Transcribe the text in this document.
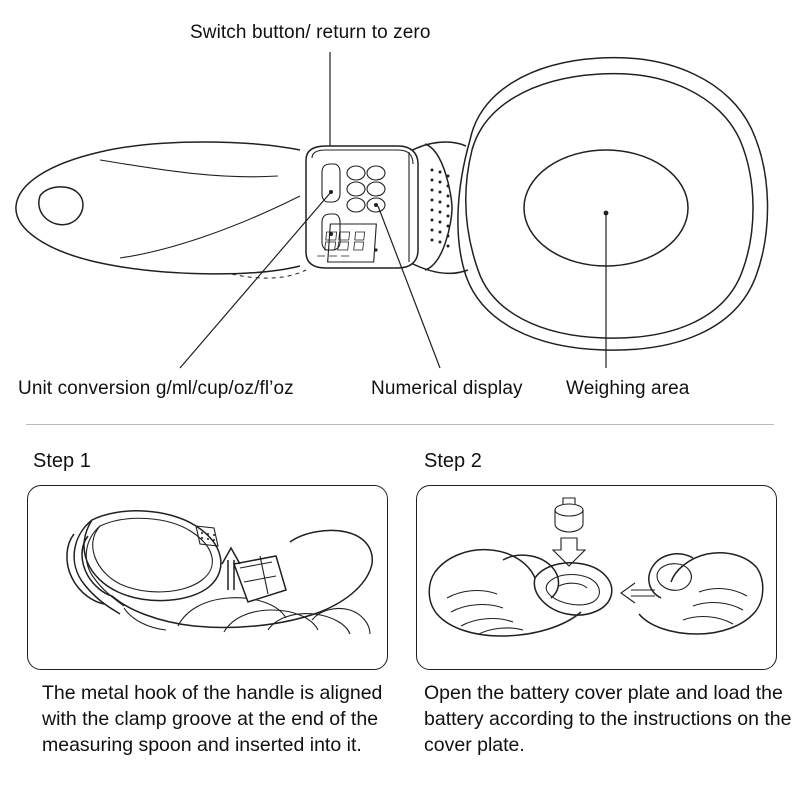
Switch button/ return to zero
Unit conversion g/ml/cup/oz/fl’oz	Numerical display Weighing area
Step 1
The metal hook of the handle is aligned with the clamp groove at the end of the measuring spoon and inserted into it.
Step 2
Open the battery cover plate and load the battery according to the instructions on the cover plate.
